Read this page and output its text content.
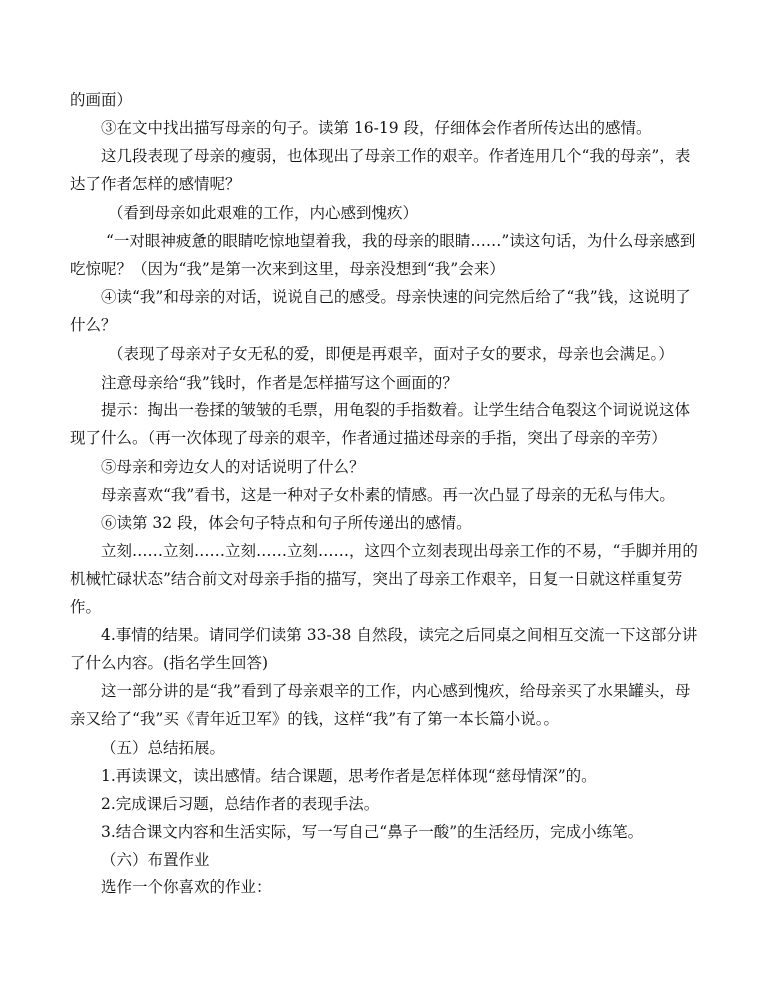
的画面）

③在文中找出描写母亲的句子。读第 16-19 段，仔细体会作者所传达出的感情。

这几段表现了母亲的瘦弱，也体现出了母亲工作的艰辛。作者连用几个“我的母亲”，表达了作者怎样的感情呢？

（看到母亲如此艰难的工作，内心感到愧疚）

“一对眼神疲惫的眼睛吃惊地望着我，我的母亲的眼睛……”读这句话，为什么母亲感到吃惊呢？（因为“我”是第一次来到这里，母亲没想到“我”会来）

④读“我”和母亲的对话，说说自己的感受。母亲快速的问完然后给了“我”钱，这说明了什么？

（表现了母亲对子女无私的爱，即便是再艰辛，面对子女的要求，母亲也会满足。）

注意母亲给“我”钱时，作者是怎样描写这个画面的？

提示：掏出一卷揉的皱皱的毛票，用龟裂的手指数着。让学生结合龟裂这个词说说这体现了什么。（再一次体现了母亲的艰辛，作者通过描述母亲的手指，突出了母亲的辛劳）

⑤母亲和旁边女人的对话说明了什么？

母亲喜欢“我”看书，这是一种对子女朴素的情感。再一次凸显了母亲的无私与伟大。

⑥读第 32 段，体会句子特点和句子所传递出的感情。

立刻……立刻……立刻……立刻……，这四个立刻表现出母亲工作的不易，“手脚并用的机械忙碌状态”结合前文对母亲手指的描写，突出了母亲工作艰辛，日复一日就这样重复劳作。

4.事情的结果。请同学们读第 33-38 自然段，读完之后同桌之间相互交流一下这部分讲了什么内容。(指名学生回答)

这一部分讲的是“我”看到了母亲艰辛的工作，内心感到愧疚，给母亲买了水果罐头，母亲又给了“我”买《青年近卫军》的钱，这样“我”有了第一本长篇小说。。

（五）总结拓展。

1.再读课文，读出感情。结合课题，思考作者是怎样体现“慈母情深”的。

2.完成课后习题，总结作者的表现手法。

3.结合课文内容和生活实际，写一写自己“鼻子一酸”的生活经历，完成小练笔。

（六）布置作业

选作一个你喜欢的作业：
